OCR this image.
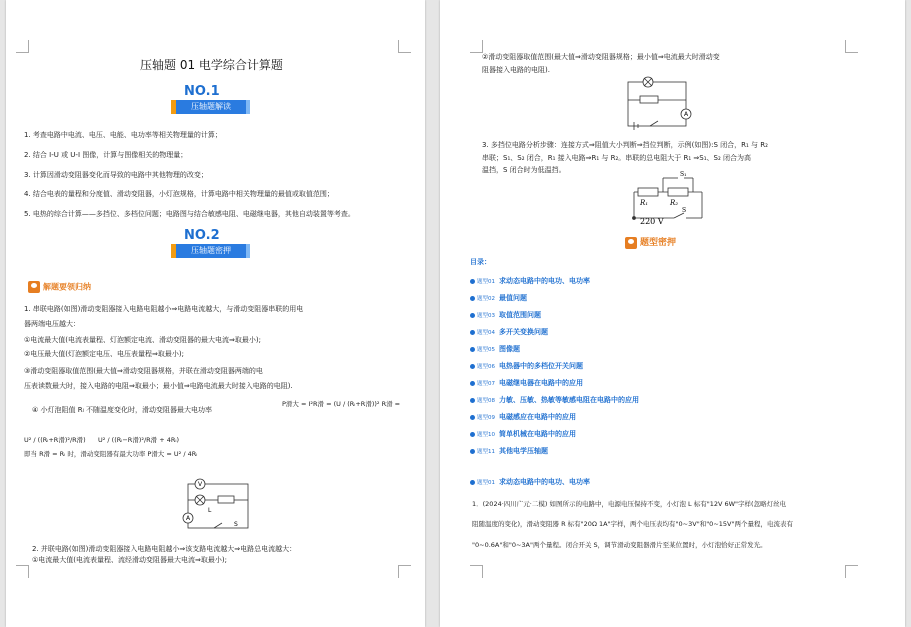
压轴题 01 电学综合计算题
NO.1
压轴题解读
1. 考查电路中电流、电压、电能、电功率等相关物理量的计算；
2. 结合 I-U 或 U-I 图像，计算与图像相关的物理量；
3. 计算因滑动变阻器变化而导致的电路中其他物理的改变；
4. 结合电表的量程和分度值、滑动变阻器，小灯泡规格，计算电路中相关物理量的最值或取值范围；
5. 电热的综合计算——多挡位、多档位问题；电路图与结合敏感电阻、电磁继电器，其他自动装置等考查。
NO.2
压轴题密押
解题要领归纳
1. 串联电路(如图)滑动变阻器接入电路电阻越小⇒电路电流越大，与滑动变阻器串联的用电
器两端电压越大：
①电流最大值(电流表量程、灯泡额定电流、滑动变阻器的最大电流⇒取最小);
②电压最大值(灯泡额定电压、电压表量程⇒取最小);
③滑动变阻器取值范围(最大值⇒滑动变阻器规格，并联在滑动变阻器两端的电
压表读数最大时，接入电路的电阻⇒取最小；最小值⇒电路电流最大时接入电路的电阻).
④ 小灯泡阻值 Rₗ 不随温度变化时，滑动变阻器最大电功率
P滑大 = I²R滑 = (U / (Rₗ+R滑))² R滑 =
U² / ((Rₗ+R滑)²/R滑) U² / ((Rₗ−R滑)²/R滑 + 4Rₗ)
即当 R滑 = Rₗ 时，滑动变阻器有最大功率 P滑大 = U² / 4Rₗ
V
A
L
S
2. 并联电路(如图)滑动变阻器接入电路电阻越小⇒该支路电流越大⇒电路总电流越大：
①电流最大值(电流表量程、流经滑动变阻器最大电流⇒取最小);
②滑动变阻器取值范围(最大值⇒滑动变阻器规格；最小值⇒电流最大时滑动变
阻器接入电路的电阻).
A
3. 多挡位电路分析步骤：连接方式⇒阻值大小判断⇒挡位判断，示例(如图):S 闭合，R₁ 与 R₂
串联；S₁、S₂ 闭合，R₁ 接入电路⇒R₁ 与 R₂。串联的总电阻大于 R₁ ⇒S₁、S₂ 闭合为高
温挡，S 闭合时为低温挡。
R₁	R₂
S₁
S
220 V
题型密押
目录：
题型01 求动态电路中的电功、电功率
题型02 最值问题
题型03 取值范围问题
题型04 多开关变换问题
题型05 图像题
题型06 电热器中的多档位开关问题
题型07 电磁继电器在电路中的应用
题型08 力敏、压敏、热敏等敏感电阻在电路中的应用
题型09 电磁感应在电路中的应用
题型10 简单机械在电路中的应用
题型11 其他电学压轴题
题型01 求动态电路中的电功、电功率
1．(2024·四川广元·二模) 如图所示的电路中，电源电压保持不变，小灯泡 L 标有"12V 6W"字样(忽略灯丝电
阻随温度的变化)，滑动变阻器 R 标有"20Ω 1A"字样，两个电压表均有"0~3V"和"0~15V"两个量程，电流表有
"0~0.6A"和"0~3A"两个量程。闭合开关 S，调节滑动变阻器滑片至某位置时，小灯泡恰好正常发光。
